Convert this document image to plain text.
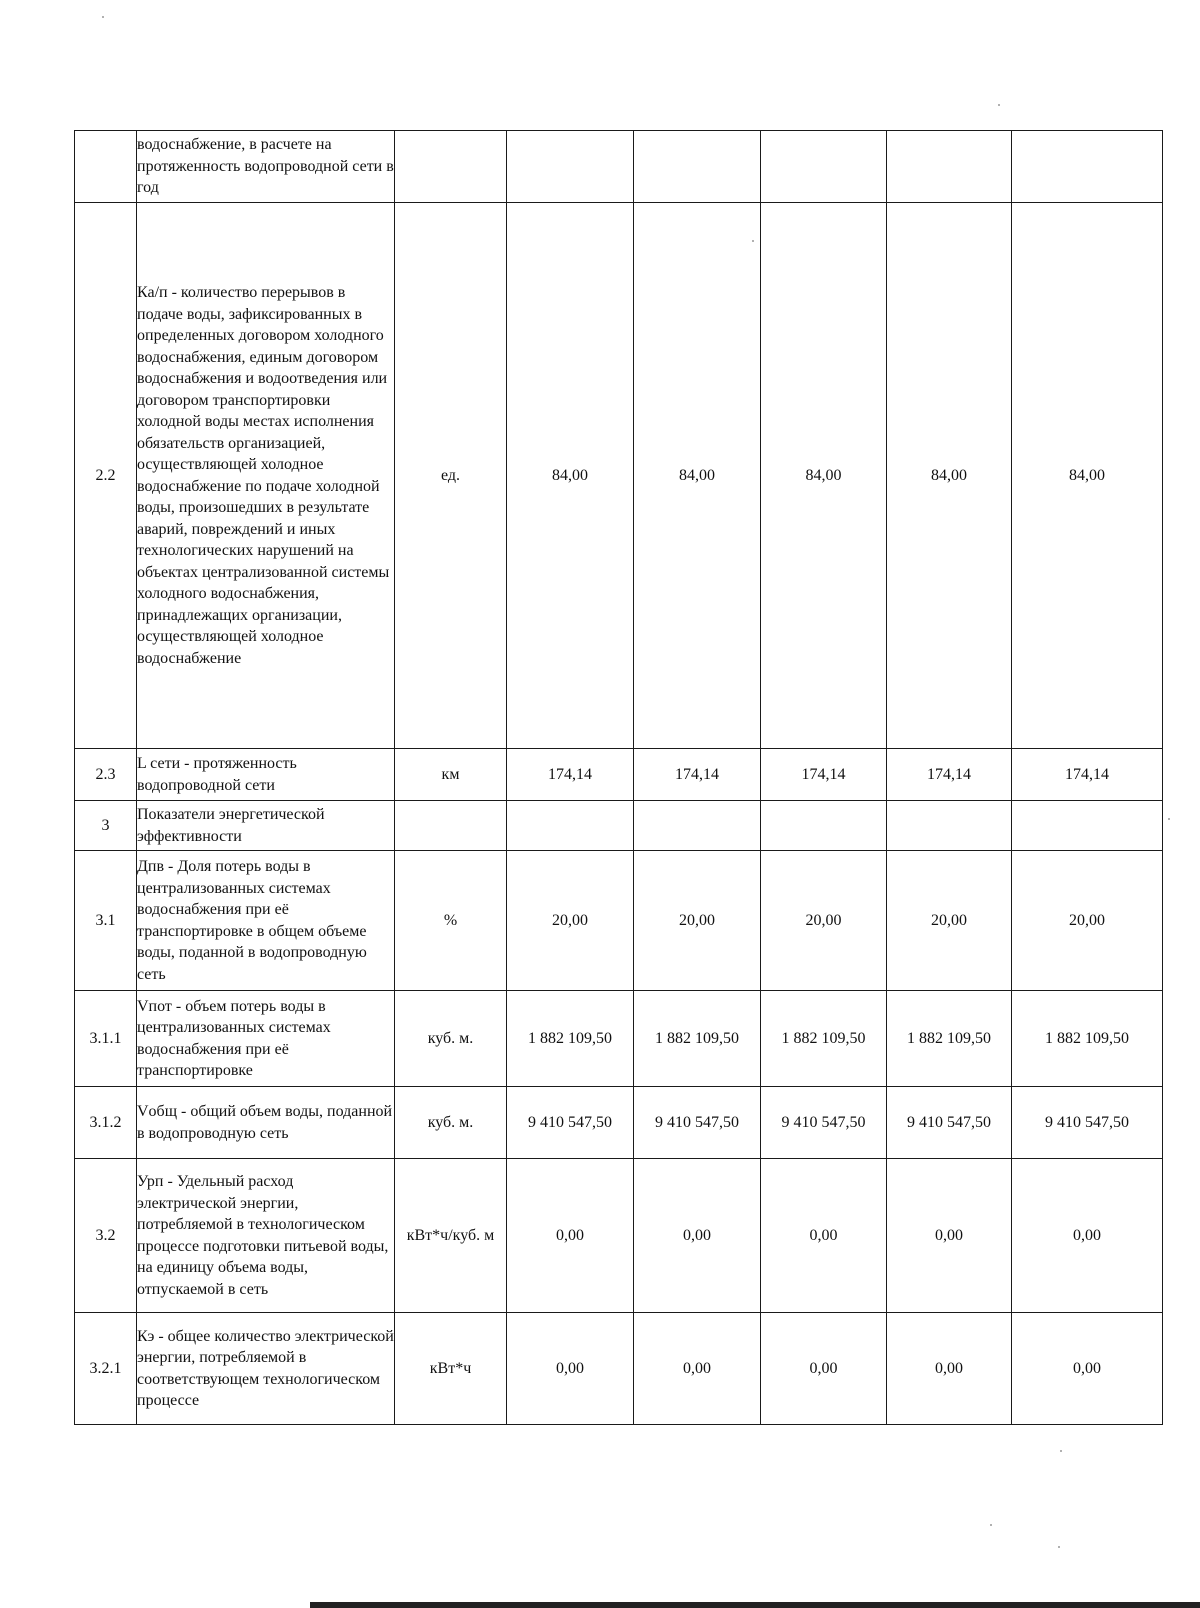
	водоснабжение, в расчете на протяженность водопроводной сети в год						
2.2	Ка/п - количество перерывов в подаче воды, зафиксированных в определенных договором холодного водоснабжения, единым договором водоснабжения и водоотведения или договором транспортировки холодной воды местах исполнения обязательств организацией, осуществляющей холодное водоснабжение по подаче холодной воды, произошедших в результате аварий, повреждений и иных технологических нарушений на объектах централизованной системы холодного водоснабжения, принадлежащих организации, осуществляющей холодное водоснабжение	ед.	84,00	84,00	84,00	84,00	84,00
2.3	L сети - протяженность водопроводной сети	км	174,14	174,14	174,14	174,14	174,14
3	Показатели энергетической эффективности						
3.1	Дпв - Доля потерь воды в централизованных системах водоснабжения при её транспортировке в общем объеме воды, поданной в водопроводную сеть	%	20,00	20,00	20,00	20,00	20,00
3.1.1	Vпот - объем потерь воды в централизованных системах водоснабжения при её транспортировке	куб. м.	1 882 109,50	1 882 109,50	1 882 109,50	1 882 109,50	1 882 109,50
3.1.2	Vобщ - общий объем воды, поданной в водопроводную сеть	куб. м.	9 410 547,50	9 410 547,50	9 410 547,50	9 410 547,50	9 410 547,50
3.2	Урп - Удельный расход электрической энергии, потребляемой в технологическом процессе подготовки питьевой воды, на единицу объема воды, отпускаемой в сеть	кВт*ч/куб. м	0,00	0,00	0,00	0,00	0,00
3.2.1	Кэ - общее количество электрической энергии, потребляемой в соответствующем технологическом процессе	кВт*ч	0,00	0,00	0,00	0,00	0,00
